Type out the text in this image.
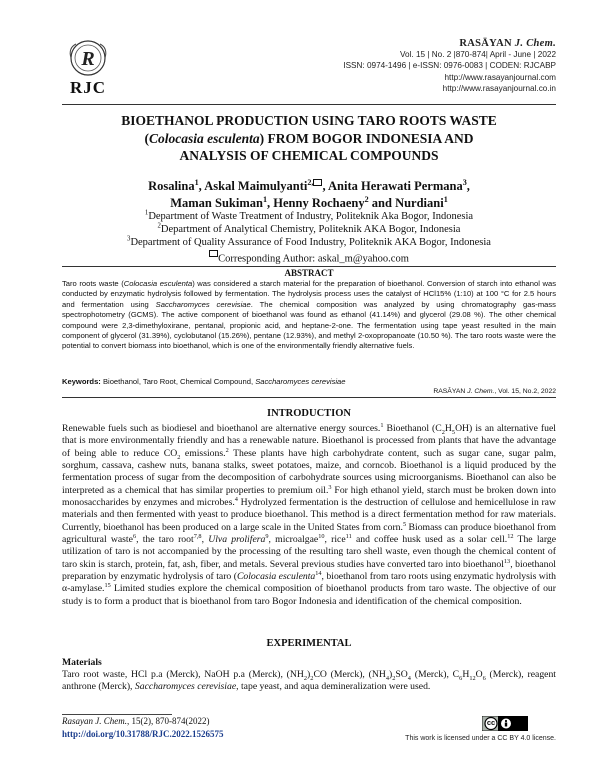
R
RJC
RASĀYAN J. Chem.
Vol. 15 | No. 2 |870-874| April - June | 2022
ISSN: 0974-1496 | e-ISSN: 0976-0083 | CODEN: RJCABP
http://www.rasayanjournal.com
http://www.rasayanjournal.co.in
BIOETHANOL PRODUCTION USING TARO ROOTS WASTE
(Colocasia esculenta) FROM BOGOR INDONESIA AND
ANALYSIS OF CHEMICAL COMPOUNDS
Rosalina$^1$, Askal Maimulyanti$^{2,}$ , Anita Herawati Permana$^3$,
Maman Sukiman$^1$, Henny Rochaeny$^2$ and Nurdiani$^1$
$^1$Department of Waste Treatment of Industry, Politeknik Aka Bogor, Indonesia
$^2$Department of Analytical Chemistry, Politeknik AKA Bogor, Indonesia
$^3$Department of Quality Assurance of Food Industry, Politeknik AKA Bogor, Indonesia
Corresponding Author: askal_m@yahoo.com
ABSTRACT
Taro roots waste (Colocasia esculenta) was considered a starch material for the preparation of bioethanol. Conversion of starch into ethanol was conducted by enzymatic hydrolysis followed by fermentation. The hydrolysis process uses the catalyst of HCl15% (1:10) at 100 °C for 2.5 hours and fermentation using Saccharomyces cerevisiae. The chemical composition was analyzed by using chromatography gas-mass spectrophotometry (GCMS). The active component of bioethanol was found as ethanol (41.14%) and glycerol (29.08 %). The other chemical compound were 2,3-dimethyloxirane, pentanal, propionic acid, and heptane-2-one. The fermentation using tape yeast resulted in the main component of glycerol (31.39%), cyclobutanol (15.26%), pentane (12.93%), and methyl 2-oxopropanoate (10.50 %). The taro roots waste were the potential to convert biomass into bioethanol, which is one of the environmentally friendly alternative fuels.
Keywords: Bioethanol, Taro Root, Chemical Compound, Saccharomyces cerevisiae
RASĀYAN J. Chem., Vol. 15, No.2, 2022
INTRODUCTION
Renewable fuels such as biodiesel and bioethanol are alternative energy sources.$^1$ Bioethanol $(C_2H_5OH)$ is an alternative fuel that is more environmentally friendly and has a renewable nature. Bioethanol is processed from plants that have the advantage of being able to reduce $CO_2$ emissions.$^2$ These plants have high carbohydrate content, such as sugar cane, sugar palm, sorghum, cassava, cashew nuts, banana stalks, sweet potatoes, maize, and corncob. Bioethanol is a liquid produced by the fermentation process of sugar from the decomposition of carbohydrate sources using microorganisms. Bioethanol can also be interpreted as a chemical that has similar properties to premium oil.$^3$ For high ethanol yield, starch must be broken down into monosaccharides by enzymes and microbes.$^4$ Hydrolyzed fermentation is the destruction of cellulose and hemicellulose in raw materials and then fermented with yeast to produce bioethanol. This method is a direct fermentation method for raw materials. Currently, bioethanol has been produced on a large scale in the United States from corn.$^5$ Biomass can produce bioethanol from agricultural waste$^6$, the taro root$^{7,8}$, Ulva prolifera$^9$, microalgae$^{10}$, rice$^{11}$ and coffee husk used as a solar cell.$^{12}$ The large utilization of taro is not accompanied by the processing of the resulting taro shell waste, even though the chemical content of taro skin is starch, protein, fat, ash, fiber, and metals. Several previous studies have converted taro into bioethanol$^{13}$, bioethanol preparation by enzymatic hydrolysis of taro (Colocasia esculenta$^{14}$, bioethanol from taro roots using enzymatic hydrolysis with α-amylase.$^{15}$ Limited studies explore the chemical composition of bioethanol products from taro waste. The objective of our study is to form a product that is bioethanol from taro Bogor Indonesia and identification of the chemical composition.
EXPERIMENTAL
Materials
Taro root waste, HCl p.a (Merck), NaOH p.a (Merck), $(NH_2)_2CO$ (Merck), $(NH_4)_2SO_4$ (Merck), $C_6H_{12}O_6$ (Merck), reagent anthrone (Merck), Saccharomyces cerevisiae, tape yeast, and aqua demineralization were used.
Rasayan J. Chem., 15(2), 870-874(2022)
http://doi.org/10.31788/RJC.2022.1526575
cc
This work is licensed under a CC BY 4.0 license.
